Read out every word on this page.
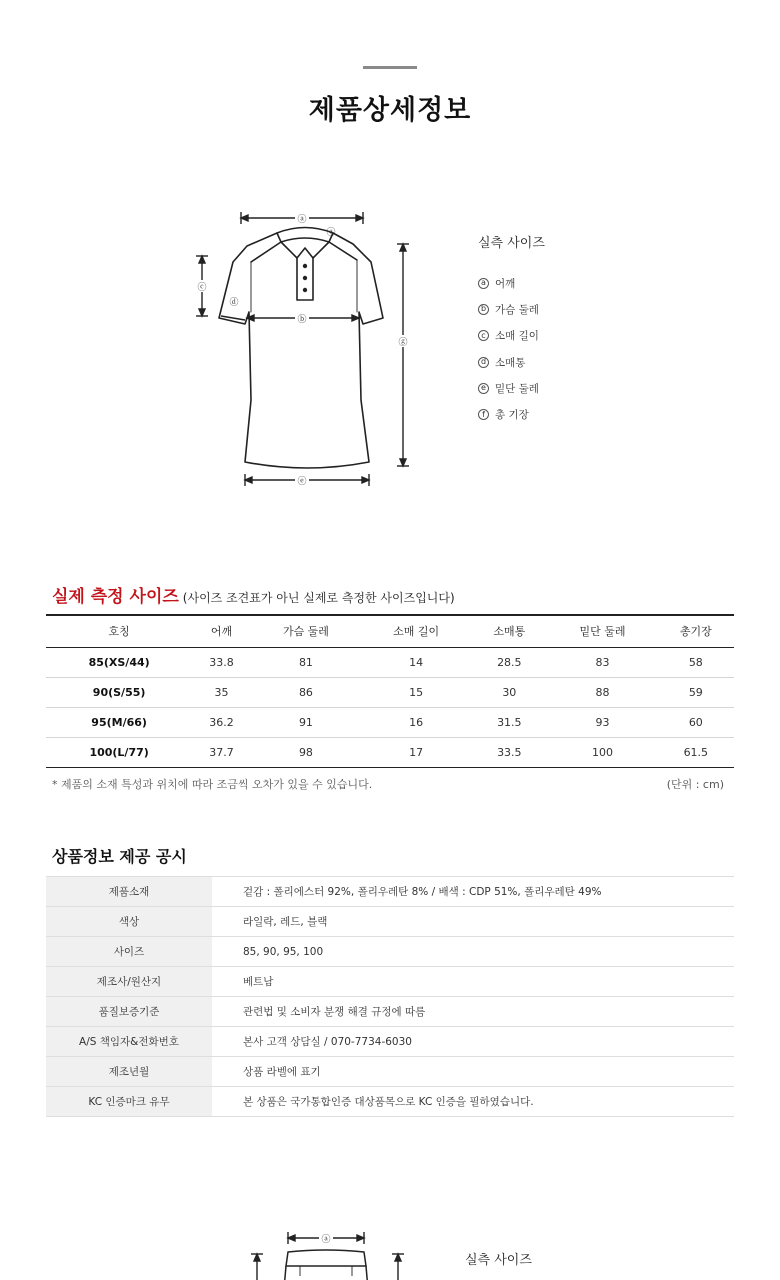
제품상세정보
ⓐ
ⓐ
ⓑ
ⓒ
ⓓ
ⓖ
ⓔ
실측 사이즈
a 어깨
b 가슴 둘레
c 소매 길이
d 소매통
e 밑단 둘레
f 총 기장
실제 측정 사이즈 (사이즈 조견표가 아닌 실제로 측정한 사이즈입니다)
호칭	어깨	가슴 둘레	소매 길이	소매통	밑단 둘레	총기장
85(XS/44)	33.8	81	14	28.5	83	58
90(S/55)	35	86	15	30	88	59
95(M/66)	36.2	91	16	31.5	93	60
100(L/77)	37.7	98	17	33.5	100	61.5
* 제품의 소재 특성과 위치에 따라 조금씩 오차가 있을 수 있습니다.	(단위 : cm)
상품정보 제공 공시
제품소재	겉감 : 폴리에스터 92%, 폴리우레탄 8% / 배색 : CDP 51%, 폴리우레탄 49%
색상	라일락, 레드, 블랙
사이즈	85, 90, 95, 100
제조사/원산지	베트남
품질보증기준	관련법 및 소비자 분쟁 해결 규정에 따름
A/S 책임자&전화번호	본사 고객 상담실 / 070-7734-6030
제조년월	상품 라벨에 표기
KC 인증마크 유무	본 상품은 국가통합인증 대상품목으로 KC 인증을 필하였습니다.
ⓐ
실측 사이즈
